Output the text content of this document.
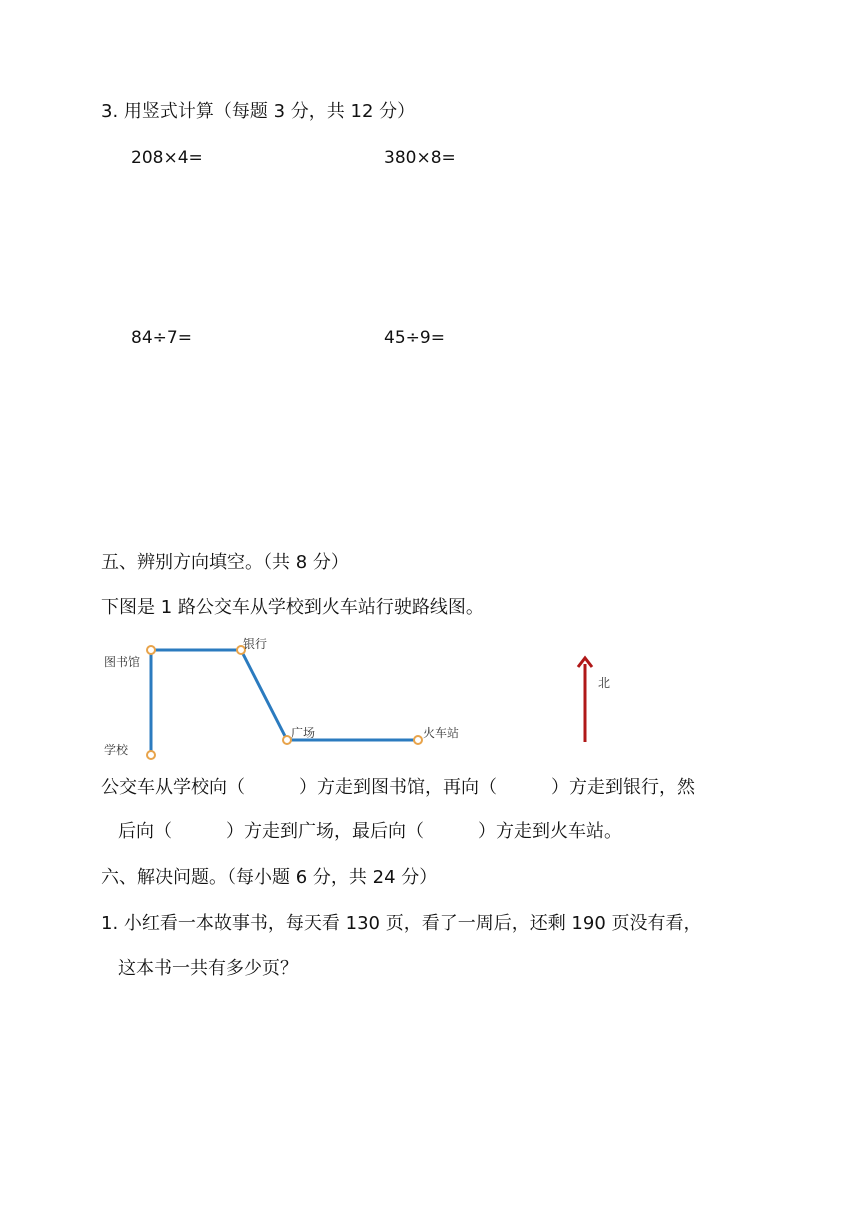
3. 用竖式计算（每题 3 分，共 12 分）
208×4=	380×8=
84÷7=	45÷9=
五、辨别方向填空。（共 8 分）
下图是 1 路公交车从学校到火车站行驶路线图。
图书馆
银行
学校
广场	火车站
北
公交车从学校向（　　　）方走到图书馆，再向（　　　）方走到银行，然
后向（　　　）方走到广场，最后向（　　　）方走到火车站。
六、解决问题。（每小题 6 分，共 24 分）
1. 小红看一本故事书，每天看 130 页，看了一周后，还剩 190 页没有看，
这本书一共有多少页？
